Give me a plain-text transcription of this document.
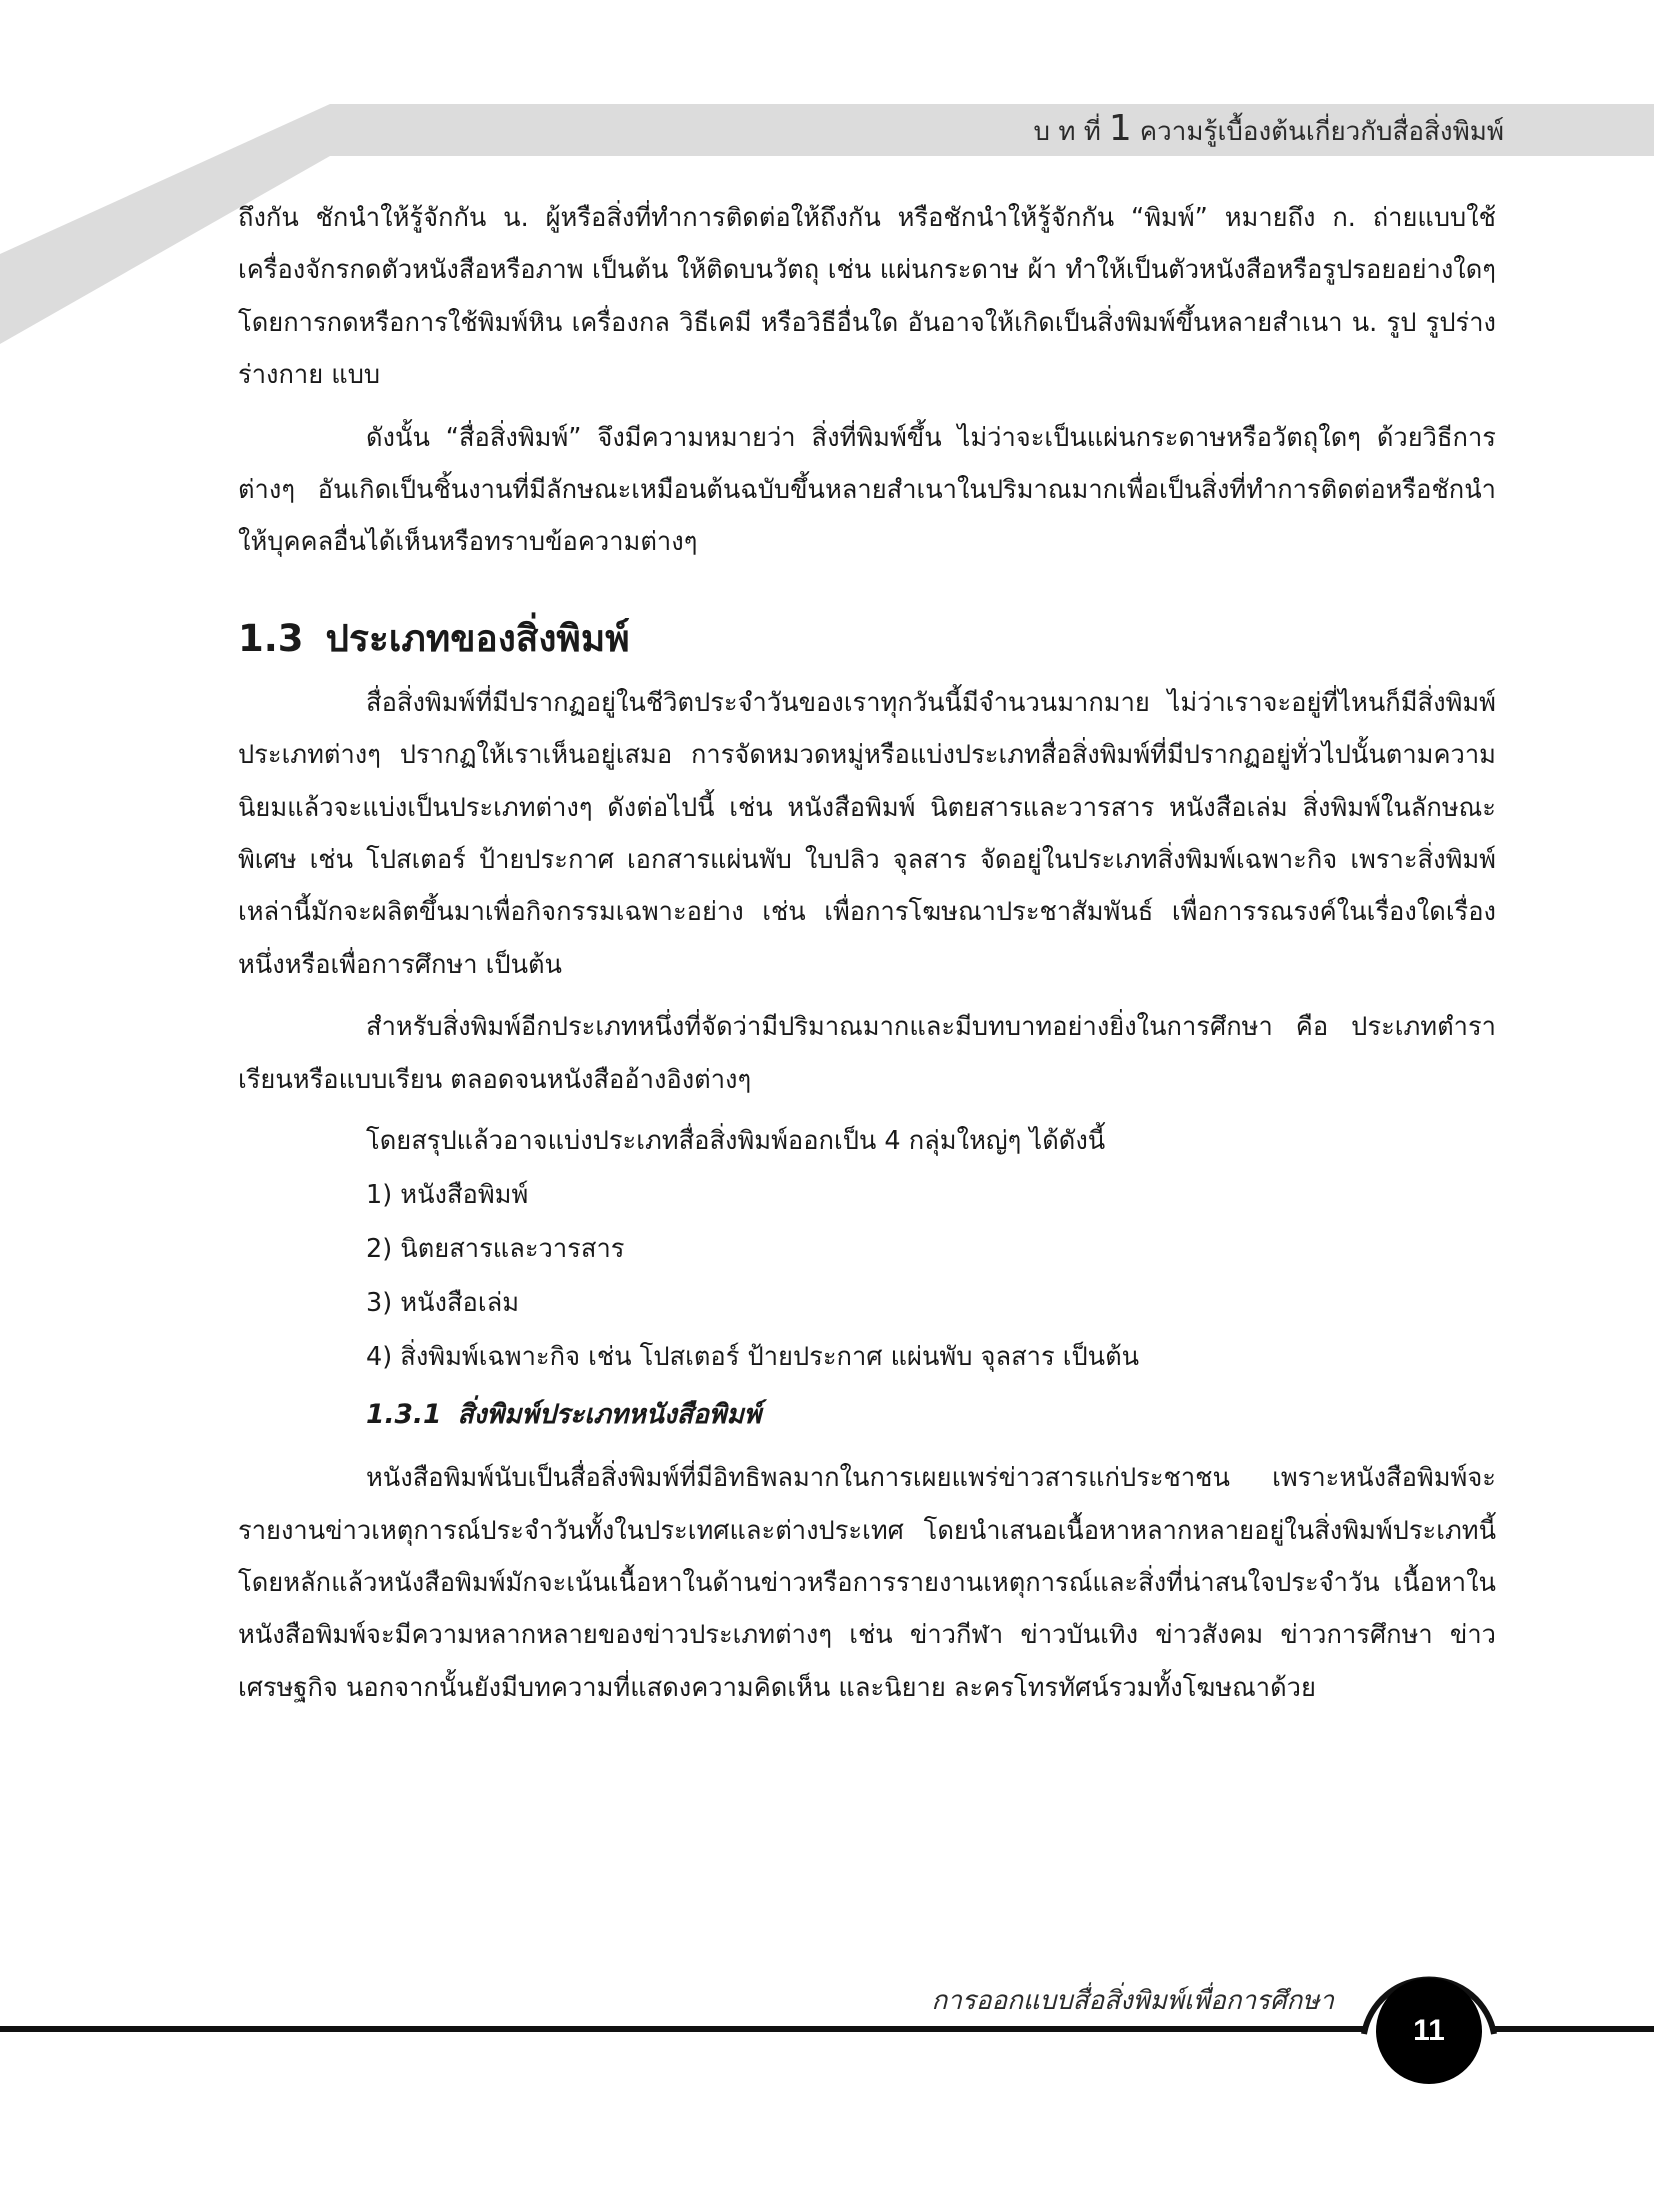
บ ท ที่ 1 ความรู้เบื้องต้นเกี่ยวกับสื่อสิ่งพิมพ์

ถึงกัน ชักนำให้รู้จักกัน น. ผู้หรือสิ่งที่ทำการติดต่อให้ถึงกัน หรือชักนำให้รู้จักกัน “พิมพ์” หมายถึง ก. ถ่ายแบบใช้เครื่องจักรกดตัวหนังสือหรือภาพ เป็นต้น ให้ติดบนวัตถุ เช่น แผ่นกระดาษ ผ้า ทำให้เป็นตัวหนังสือหรือรูปรอยอย่างใดๆ โดยการกดหรือการใช้พิมพ์หิน เครื่องกล วิธีเคมี หรือวิธีอื่นใด อันอาจให้เกิดเป็นสิ่งพิมพ์ขึ้นหลายสำเนา น. รูป รูปร่าง ร่างกาย แบบ

ดังนั้น “สื่อสิ่งพิมพ์” จึงมีความหมายว่า สิ่งที่พิมพ์ขึ้น ไม่ว่าจะเป็นแผ่นกระดาษหรือวัตถุใดๆ ด้วยวิธีการต่างๆ อันเกิดเป็นชิ้นงานที่มีลักษณะเหมือนต้นฉบับขึ้นหลายสำเนาในปริมาณมากเพื่อเป็นสิ่งที่ทำการติดต่อหรือชักนำให้บุคคลอื่นได้เห็นหรือทราบข้อความต่างๆ

1.3 ประเภทของสิ่งพิมพ์

สื่อสิ่งพิมพ์ที่มีปรากฏอยู่ในชีวิตประจำวันของเราทุกวันนี้มีจำนวนมากมาย ไม่ว่าเราจะอยู่ที่ไหนก็มีสิ่งพิมพ์ประเภทต่างๆ ปรากฏให้เราเห็นอยู่เสมอ การจัดหมวดหมู่หรือแบ่งประเภทสื่อสิ่งพิมพ์ที่มีปรากฏอยู่ทั่วไปนั้นตามความนิยมแล้วจะแบ่งเป็นประเภทต่างๆ ดังต่อไปนี้ เช่น หนังสือพิมพ์ นิตยสารและวารสาร หนังสือเล่ม สิ่งพิมพ์ในลักษณะพิเศษ เช่น โปสเตอร์ ป้ายประกาศ เอกสารแผ่นพับ ใบปลิว จุลสาร จัดอยู่ในประเภทสิ่งพิมพ์เฉพาะกิจ เพราะสิ่งพิมพ์เหล่านี้มักจะผลิตขึ้นมาเพื่อกิจกรรมเฉพาะอย่าง เช่น เพื่อการโฆษณาประชาสัมพันธ์ เพื่อการรณรงค์ในเรื่องใดเรื่องหนึ่งหรือเพื่อการศึกษา เป็นต้น

สำหรับสิ่งพิมพ์อีกประเภทหนึ่งที่จัดว่ามีปริมาณมากและมีบทบาทอย่างยิ่งในการศึกษา คือ ประเภทตำราเรียนหรือแบบเรียน ตลอดจนหนังสืออ้างอิงต่างๆ

โดยสรุปแล้วอาจแบ่งประเภทสื่อสิ่งพิมพ์ออกเป็น 4 กลุ่มใหญ่ๆ ได้ดังนี้
1) หนังสือพิมพ์
2) นิตยสารและวารสาร
3) หนังสือเล่ม
4) สิ่งพิมพ์เฉพาะกิจ เช่น โปสเตอร์ ป้ายประกาศ แผ่นพับ จุลสาร เป็นต้น
1.3.1 สิ่งพิมพ์ประเภทหนังสือพิมพ์

หนังสือพิมพ์นับเป็นสื่อสิ่งพิมพ์ที่มีอิทธิพลมากในการเผยแพร่ข่าวสารแก่ประชาชน เพราะหนังสือพิมพ์จะรายงานข่าวเหตุการณ์ประจำวันทั้งในประเทศและต่างประเทศ โดยนำเสนอเนื้อหาหลากหลายอยู่ในสิ่งพิมพ์ประเภทนี้ โดยหลักแล้วหนังสือพิมพ์มักจะเน้นเนื้อหาในด้านข่าวหรือการรายงานเหตุการณ์และสิ่งที่น่าสนใจประจำวัน เนื้อหาในหนังสือพิมพ์จะมีความหลากหลายของข่าวประเภทต่างๆ เช่น ข่าวกีฬา ข่าวบันเทิง ข่าวสังคม ข่าวการศึกษา ข่าวเศรษฐกิจ นอกจากนั้นยังมีบทความที่แสดงความคิดเห็น และนิยาย ละครโทรทัศน์รวมทั้งโฆษณาด้วย

การออกแบบสื่อสิ่งพิมพ์เพื่อการศึกษา
11
